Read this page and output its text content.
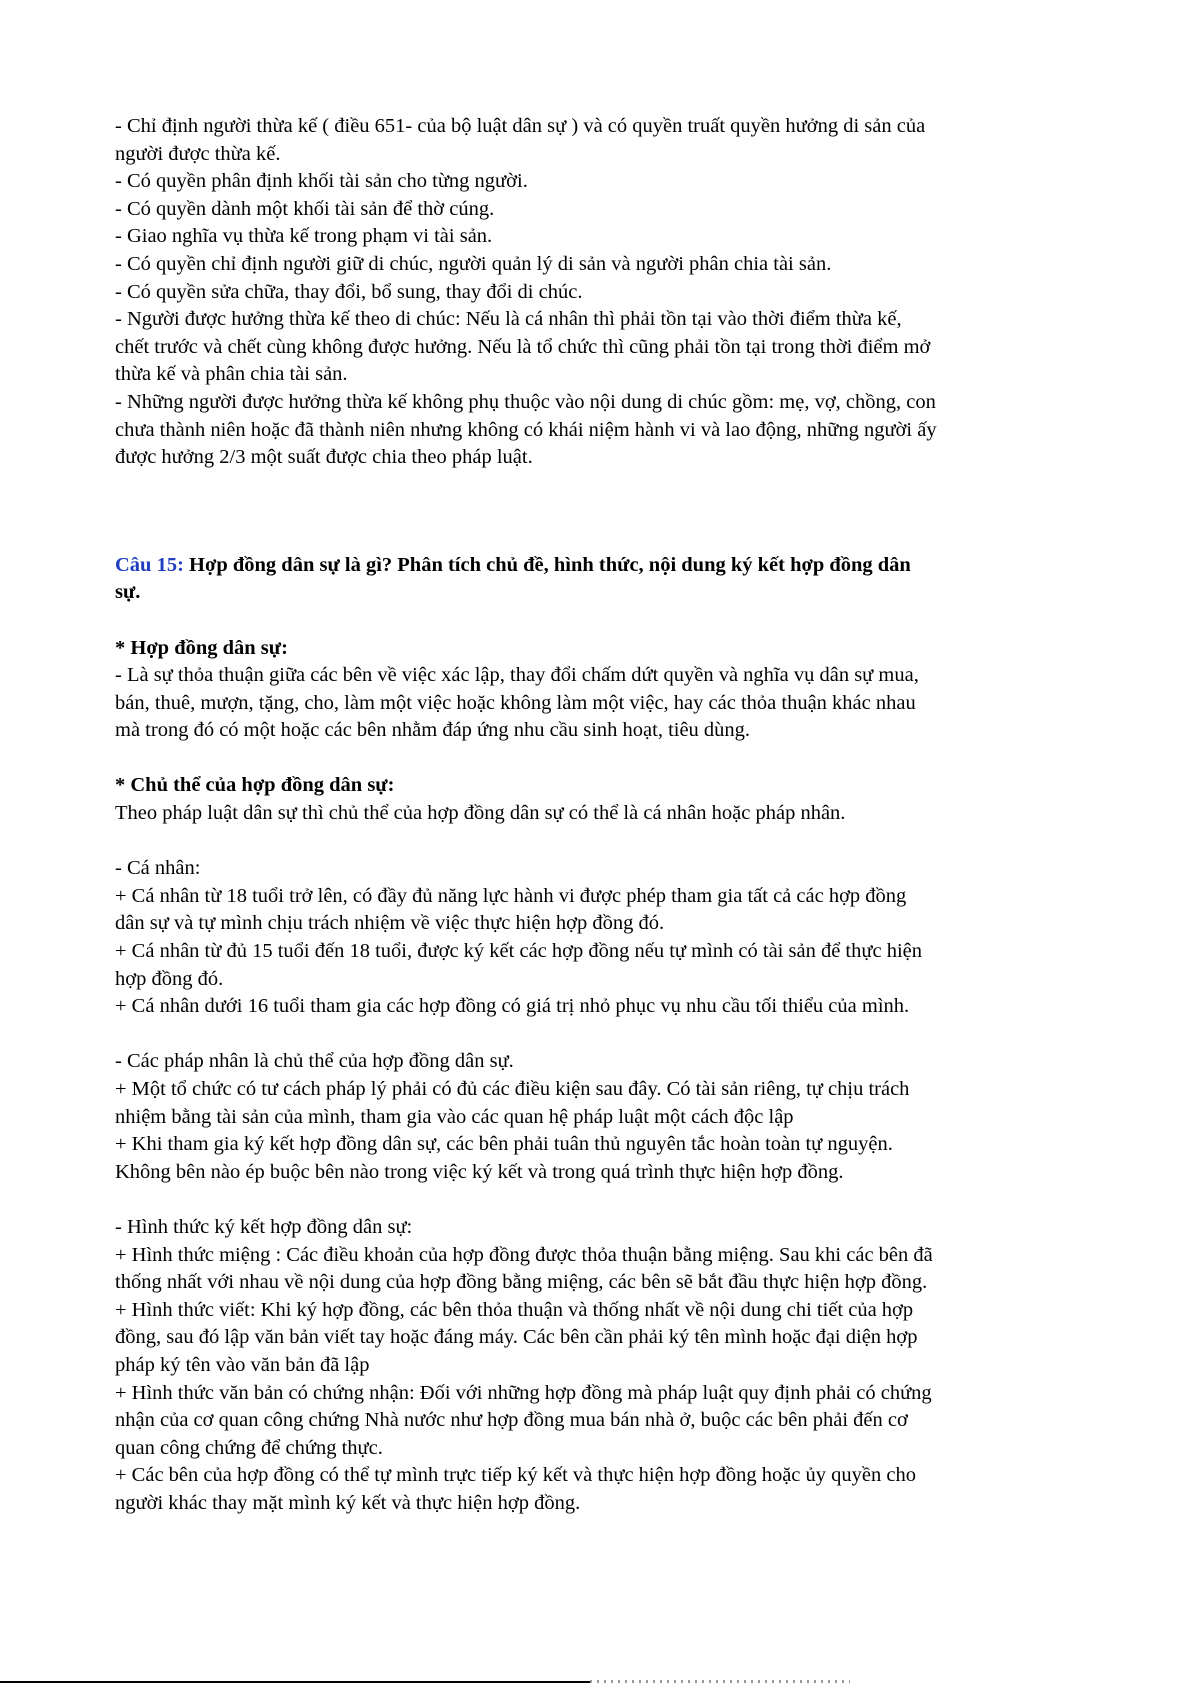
- Chỉ định người thừa kế ( điều 651- của bộ luật dân sự ) và có quyền truất quyền hưởng di sản của
người được thừa kế.
- Có quyền phân định khối tài sản cho từng người.
- Có quyền dành một khối tài sản để thờ cúng.
- Giao nghĩa vụ thừa kế trong phạm vi tài sản.
- Có quyền chỉ định người giữ di chúc, người quản lý di sản và người phân chia tài sản.
- Có quyền sửa chữa, thay đổi, bổ sung, thay đổi di chúc.
- Người được hưởng thừa kế theo di chúc: Nếu là cá nhân thì phải tồn tại vào thời điểm thừa kế,
chết trước và chết cùng không được hưởng. Nếu là tổ chức thì cũng phải tồn tại trong thời điểm mở
thừa kế và phân chia tài sản.
- Những người được hưởng thừa kế không phụ thuộc vào nội dung di chúc gồm: mẹ, vợ, chồng, con
chưa thành niên hoặc đã thành niên nhưng không có khái niệm hành vi và lao động, những người ấy
được hưởng 2/3 một suất được chia theo pháp luật.
Câu 15: Hợp đồng dân sự là gì? Phân tích chủ đề, hình thức, nội dung ký kết hợp đồng dân
sự.
* Hợp đồng dân sự:
- Là sự thỏa thuận giữa các bên về việc xác lập, thay đổi chấm dứt quyền và nghĩa vụ dân sự mua,
bán, thuê, mượn, tặng, cho, làm một việc hoặc không làm một việc, hay các thỏa thuận khác nhau
mà trong đó có một hoặc các bên nhằm đáp ứng nhu cầu sinh hoạt, tiêu dùng.
* Chủ thể của hợp đồng dân sự:
Theo pháp luật dân sự thì chủ thể của hợp đồng dân sự có thể là cá nhân hoặc pháp nhân.
- Cá nhân:
+ Cá nhân từ 18 tuổi trở lên, có đầy đủ năng lực hành vi được phép tham gia tất cả các hợp đồng
dân sự và tự mình chịu trách nhiệm về việc thực hiện hợp đồng đó.
+ Cá nhân từ đủ 15 tuổi đến 18 tuổi, được ký kết các hợp đồng nếu tự mình có tài sản để thực hiện
hợp đồng đó.
+ Cá nhân dưới 16 tuổi tham gia các hợp đồng có giá trị nhỏ phục vụ nhu cầu tối thiểu của mình.
- Các pháp nhân là chủ thể của hợp đồng dân sự.
+ Một tổ chức có tư cách pháp lý phải có đủ các điều kiện sau đây. Có tài sản riêng, tự chịu trách
nhiệm bằng tài sản của mình, tham gia vào các quan hệ pháp luật một cách độc lập
+ Khi tham gia ký kết hợp đồng dân sự, các bên phải tuân thủ nguyên tắc hoàn toàn tự nguyện.
Không bên nào ép buộc bên nào trong việc ký kết và trong quá trình thực hiện hợp đồng.
- Hình thức ký kết hợp đồng dân sự:
+ Hình thức miệng : Các điều khoản của hợp đồng được thỏa thuận bằng miệng. Sau khi các bên đã
thống nhất với nhau về nội dung của hợp đồng bằng miệng, các bên sẽ bắt đầu thực hiện hợp đồng.
+ Hình thức viết: Khi ký hợp đồng, các bên thỏa thuận và thống nhất về nội dung chi tiết của hợp
đồng, sau đó lập văn bản viết tay hoặc đáng máy. Các bên cần phải ký tên mình hoặc đại diện hợp
pháp ký tên vào văn bản đã lập
+ Hình thức văn bản có chứng nhận: Đối với những hợp đồng mà pháp luật quy định phải có chứng
nhận của cơ quan công chứng Nhà nước như hợp đồng mua bán nhà ở, buộc các bên phải đến cơ
quan công chứng để chứng thực.
+ Các bên của hợp đồng có thể tự mình trực tiếp ký kết và thực hiện hợp đồng hoặc ủy quyền cho
người khác thay mặt mình ký kết và thực hiện hợp đồng.
